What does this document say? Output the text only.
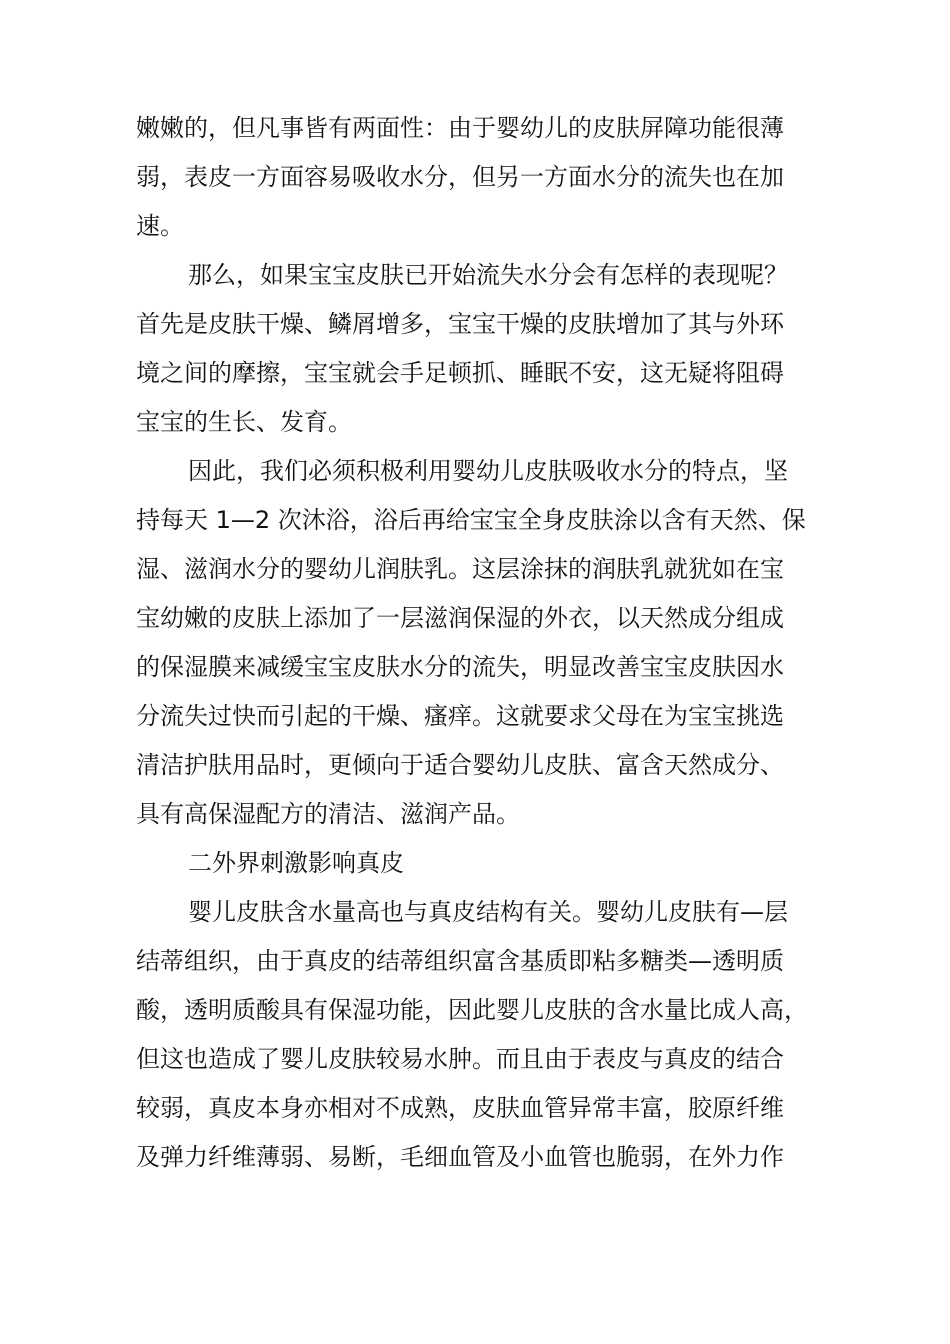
嫩嫩的，但凡事皆有两面性：由于婴幼儿的皮肤屏障功能很薄
弱，表皮一方面容易吸收水分，但另一方面水分的流失也在加
速。
那么，如果宝宝皮肤已开始流失水分会有怎样的表现呢？
首先是皮肤干燥、鳞屑增多，宝宝干燥的皮肤增加了其与外环
境之间的摩擦，宝宝就会手足顿抓、睡眠不安，这无疑将阻碍
宝宝的生长、发育。
因此，我们必须积极利用婴幼儿皮肤吸收水分的特点，坚
持每天 1—2 次沐浴，浴后再给宝宝全身皮肤涂以含有天然、保
湿、滋润水分的婴幼儿润肤乳。这层涂抹的润肤乳就犹如在宝
宝幼嫩的皮肤上添加了一层滋润保湿的外衣，以天然成分组成
的保湿膜来减缓宝宝皮肤水分的流失，明显改善宝宝皮肤因水
分流失过快而引起的干燥、瘙痒。这就要求父母在为宝宝挑选
清洁护肤用品时，更倾向于适合婴幼儿皮肤、富含天然成分、
具有高保湿配方的清洁、滋润产品。
二外界刺激影响真皮
婴儿皮肤含水量高也与真皮结构有关。婴幼儿皮肤有—层
结蒂组织，由于真皮的结蒂组织富含基质即粘多糖类—透明质
酸，透明质酸具有保湿功能，因此婴儿皮肤的含水量比成人高，
但这也造成了婴儿皮肤较易水肿。而且由于表皮与真皮的结合
较弱，真皮本身亦相对不成熟，皮肤血管异常丰富，胶原纤维
及弹力纤维薄弱、易断，毛细血管及小血管也脆弱，在外力作
